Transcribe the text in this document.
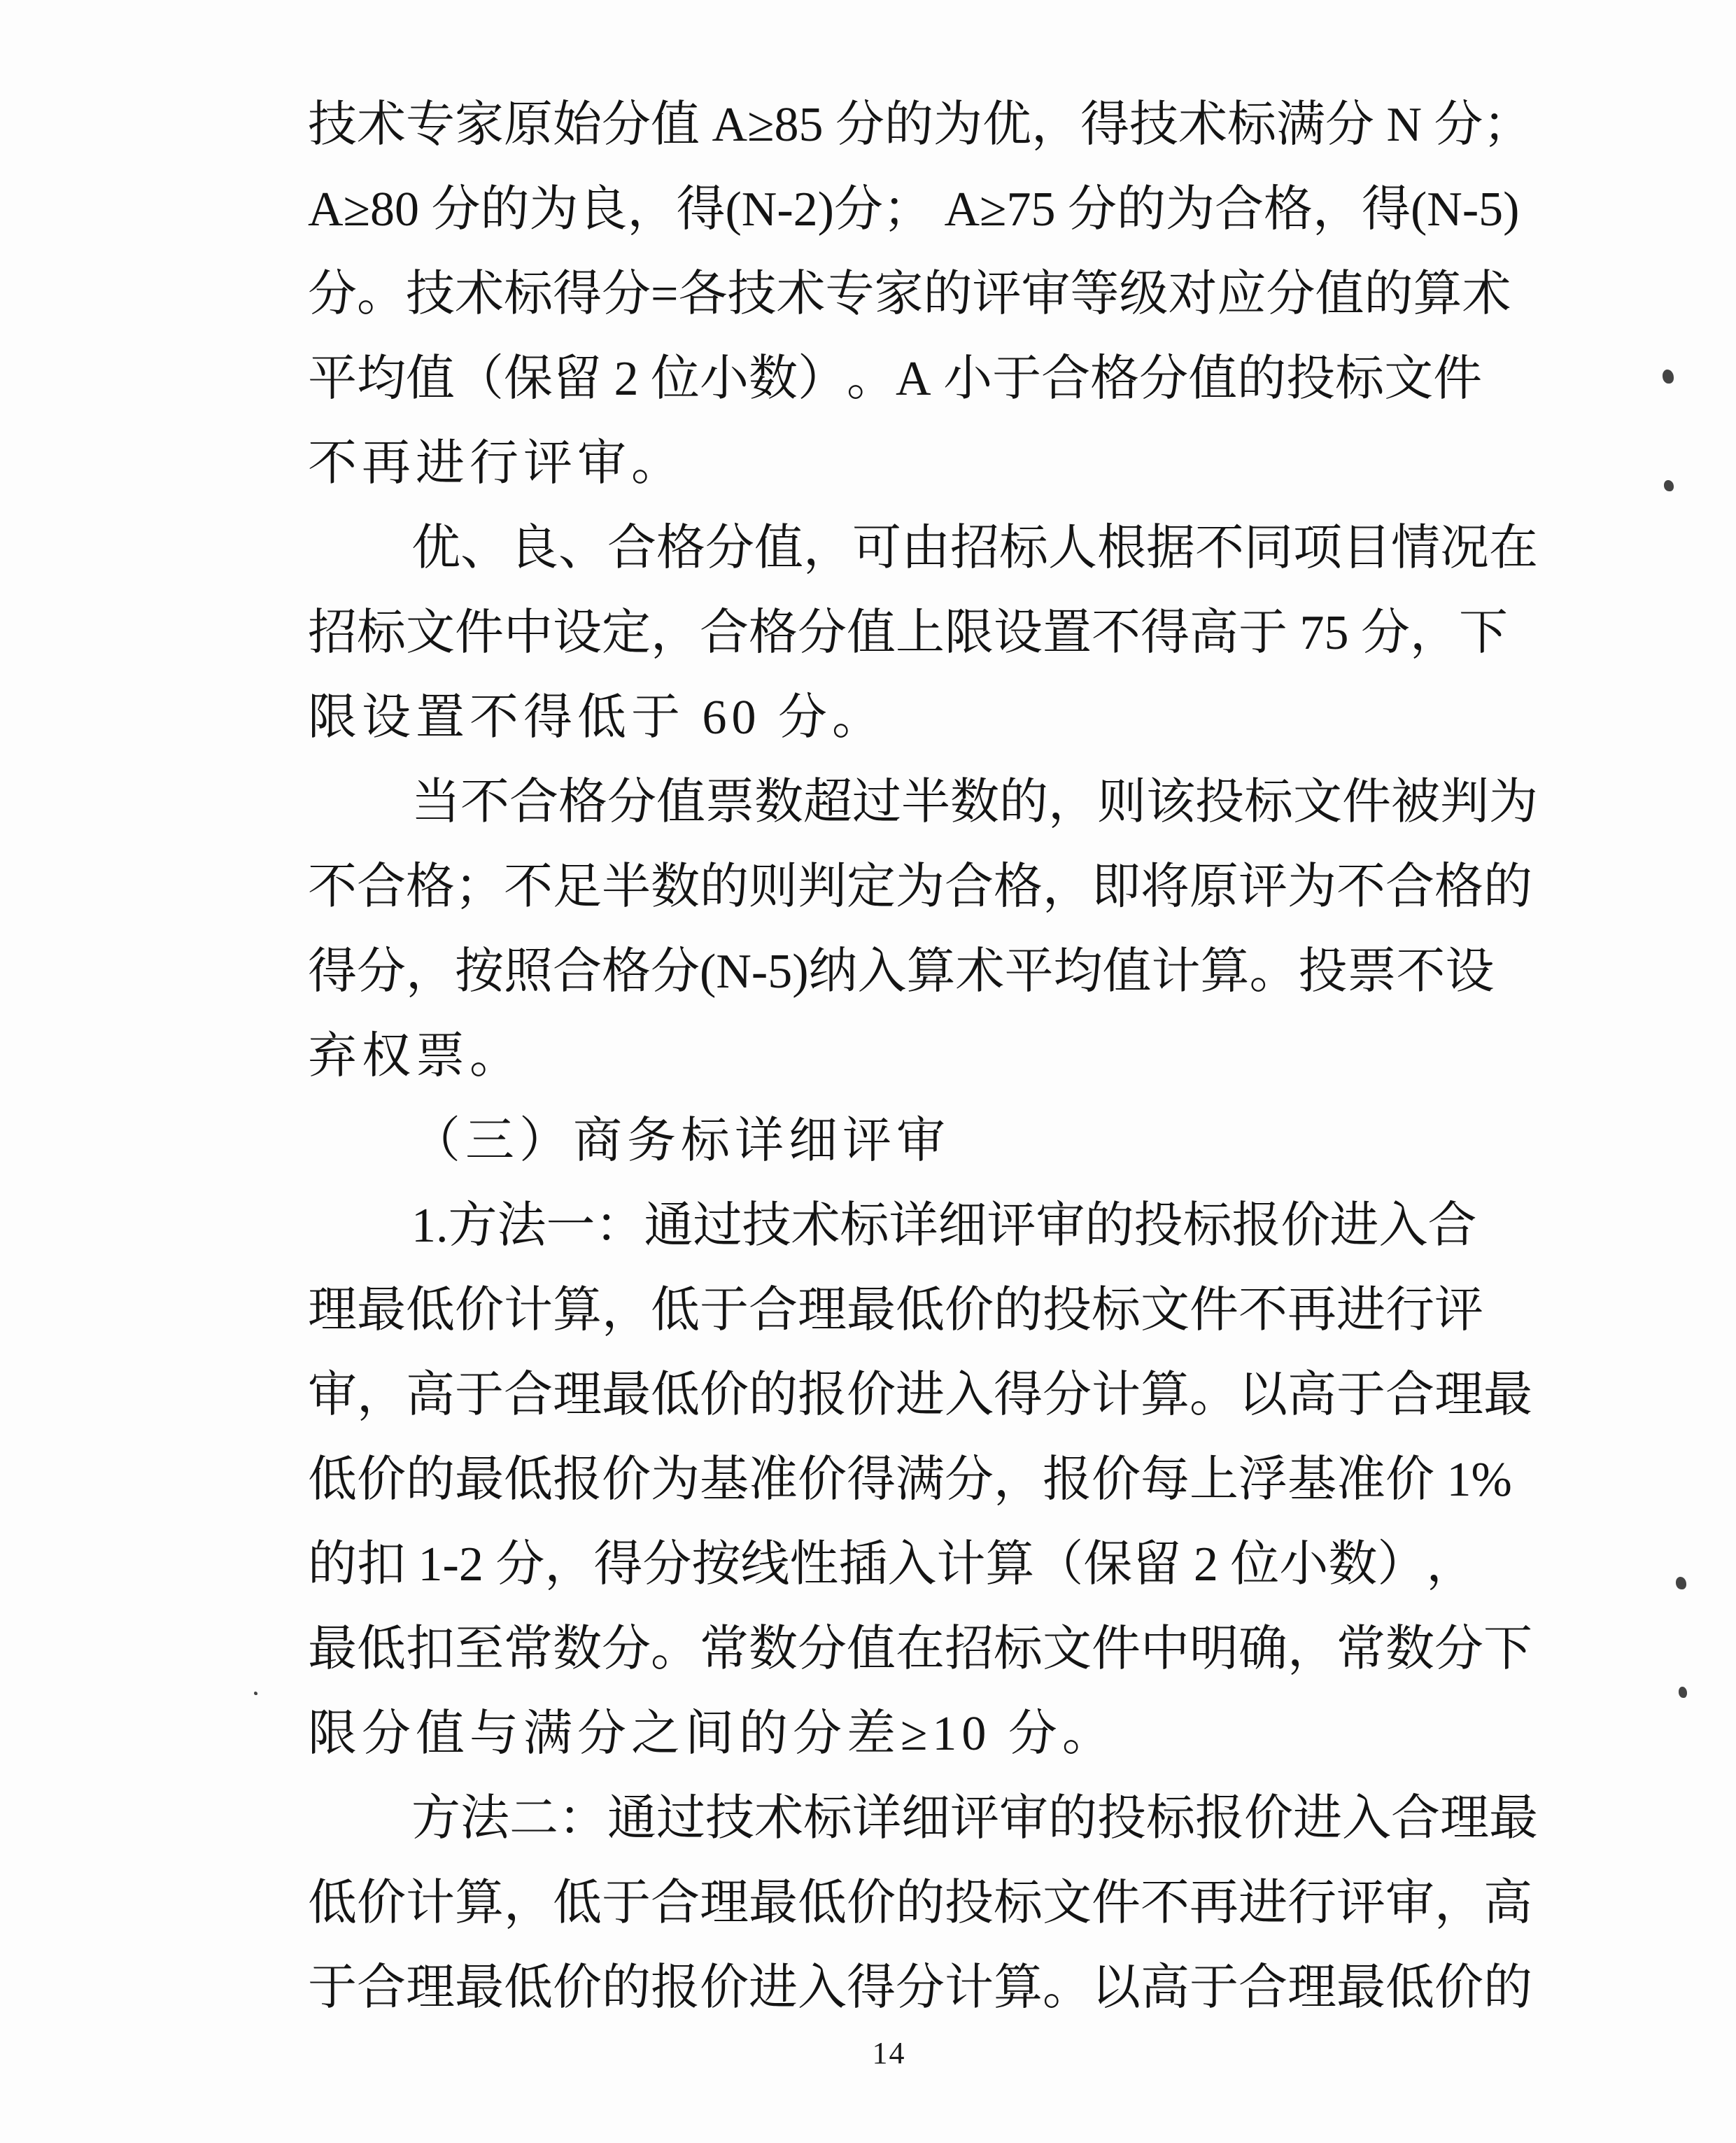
技 术 专 家 原 始 分 值
A ≥ 8 5
分 的 为 优 ， 得 技 术 标 满 分
N
分 ；
A ≥ 8 0
分 的 为 良 ， 得 ( N - 2 ) 分 ；
A ≥ 7 5
分 的 为 合 格 ， 得 ( N - 5 )
分 。 技 术 标 得 分 = 各 技 术 专 家 的 评 审 等 级 对 应 分 值 的 算 术
平 均 值 （ 保 留
2
位 小 数 ） 。 A
小 于 合 格 分 值 的 投 标 文 件
不再进行评审。
优 、 良 、 合 格 分 值 ， 可 由 招 标 人 根 据 不 同 项 目 情 况 在
招 标 文 件 中 设 定 ， 合 格 分 值 上 限 设 置 不 得 高 于
7 5
分 ， 下
限设置不得低于 60 分。
当 不 合 格 分 值 票 数 超 过 半 数 的 ， 则 该 投 标 文 件 被 判 为
不 合 格 ； 不 足 半 数 的 则 判 定 为 合 格 ， 即 将 原 评 为 不 合 格 的
得 分 ， 按 照 合 格 分 ( N - 5 ) 纳 入 算 术 平 均 值 计 算 。 投 票 不 设
弃权票。
（三）商务标详细评审
1 . 方 法 一 ： 通 过 技 术 标 详 细 评 审 的 投 标 报 价 进 入 合
理 最 低 价 计 算 ， 低 于 合 理 最 低 价 的 投 标 文 件 不 再 进 行 评
审 ， 高 于 合 理 最 低 价 的 报 价 进 入 得 分 计 算 。 以 高 于 合 理 最
低 价 的 最 低 报 价 为 基 准 价 得 满 分 ， 报 价 每 上 浮 基 准 价
1 %
的 扣
1 - 2
分 ， 得 分 按 线 性 插 入 计 算 （ 保 留
2
位 小 数 ） ，
最 低 扣 至 常 数 分 。 常 数 分 值 在 招 标 文 件 中 明 确 ， 常 数 分 下
限分值与满分之间的分差≥10 分。
方 法 二 ： 通 过 技 术 标 详 细 评 审 的 投 标 报 价 进 入 合 理 最
低 价 计 算 ， 低 于 合 理 最 低 价 的 投 标 文 件 不 再 进 行 评 审 ， 高
于 合 理 最 低 价 的 报 价 进 入 得 分 计 算 。 以 高 于 合 理 最 低 价 的
14
